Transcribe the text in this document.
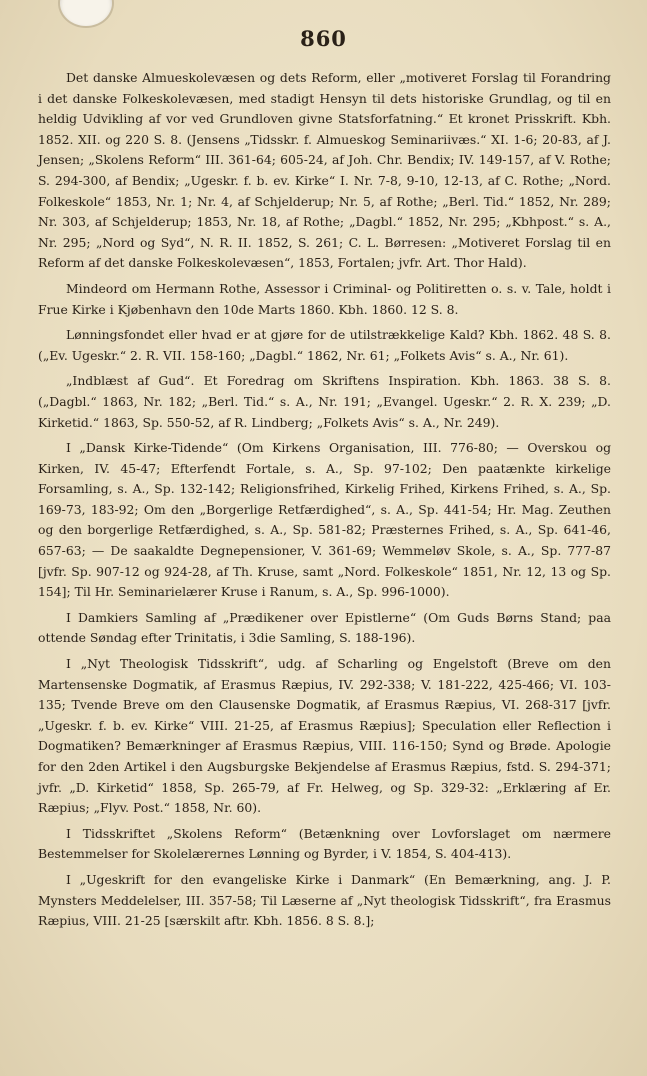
860

Det danske Almueskolevæsen og dets Reform, eller „motiveret Forslag til Forandring i det danske Folkeskolevæsen, med stadigt Hensyn til dets historiske Grundlag, og til en heldig Udvikling af vor ved Grundloven givne Statsforfatning.“ Et kronet Prisskrift. Kbh. 1852. XII. og 220 S. 8. (Jensens „Tidsskr. f. Almueskog Seminariivæs.“ XI. 1-6; 20-83, af J. Jensen; „Skolens Reform“ III. 361-64; 605-24, af Joh. Chr. Bendix; IV. 149-157, af V. Rothe; S. 294-300, af Bendix; „Ugeskr. f. b. ev. Kirke“ I. Nr. 7-8, 9-10, 12-13, af C. Rothe; „Nord. Folkeskole“ 1853, Nr. 1; Nr. 4, af Schjelderup; Nr. 5, af Rothe; „Berl. Tid.“ 1852, Nr. 289; Nr. 303, af Schjelderup; 1853, Nr. 18, af Rothe; „Dagbl.“ 1852, Nr. 295; „Kbhpost.“ s. A., Nr. 295; „Nord og Syd“, N. R. II. 1852, S. 261; C. L. Børresen: „Motiveret Forslag til en Reform af det danske Folkeskolevæsen“, 1853, Fortalen; jvfr. Art. Thor Hald).

Mindeord om Hermann Rothe, Assessor i Criminal- og Politiretten o. s. v. Tale, holdt i Frue Kirke i Kjøbenhavn den 10de Marts 1860. Kbh. 1860. 12 S. 8.

Lønningsfondet eller hvad er at gjøre for de utilstrækkelige Kald? Kbh. 1862. 48 S. 8. („Ev. Ugeskr.“ 2. R. VII. 158-160; „Dagbl.“ 1862, Nr. 61; „Folkets Avis“ s. A., Nr. 61).

„Indblæst af Gud“. Et Foredrag om Skriftens Inspiration. Kbh. 1863. 38 S. 8. („Dagbl.“ 1863, Nr. 182; „Berl. Tid.“ s. A., Nr. 191; „Evangel. Ugeskr.“ 2. R. X. 239; „D. Kirketid.“ 1863, Sp. 550-52, af R. Lindberg; „Folkets Avis“ s. A., Nr. 249).

I „Dansk Kirke-Tidende“ (Om Kirkens Organisation, III. 776-80; — Overskou og Kirken, IV. 45-47; Efterfendt Fortale, s. A., Sp. 97-102; Den paatænkte kirkelige Forsamling, s. A., Sp. 132-142; Religionsfrihed, Kirkelig Frihed, Kirkens Frihed, s. A., Sp. 169-73, 183-92; Om den „Borgerlige Retfærdighed“, s. A., Sp. 441-54; Hr. Mag. Zeuthen og den borgerlige Retfærdighed, s. A., Sp. 581-82; Præsternes Frihed, s. A., Sp. 641-46, 657-63; — De saakaldte Degnepensioner, V. 361-69; Wemmeløv Skole, s. A., Sp. 777-87 [jvfr. Sp. 907-12 og 924-28, af Th. Kruse, samt „Nord. Folkeskole“ 1851, Nr. 12, 13 og Sp. 154]; Til Hr. Seminarielærer Kruse i Ranum, s. A., Sp. 996-1000).

I Damkiers Samling af „Prædikener over Epistlerne“ (Om Guds Børns Stand; paa ottende Søndag efter Trinitatis, i 3die Samling, S. 188-196).

I „Nyt Theologisk Tidsskrift“, udg. af Scharling og Engelstoft (Breve om den Martensenske Dogmatik, af Erasmus Ræpius, IV. 292-338; V. 181-222, 425-466; VI. 103-135; Tvende Breve om den Clausenske Dogmatik, af Erasmus Ræpius, VI. 268-317 [jvfr. „Ugeskr. f. b. ev. Kirke“ VIII. 21-25, af Erasmus Ræpius]; Speculation eller Reflection i Dogmatiken? Bemærkninger af Erasmus Ræpius, VIII. 116-150; Synd og Brøde. Apologie for den 2den Artikel i den Augsburgske Bekjendelse af Erasmus Ræpius, fstd. S. 294-371; jvfr. „D. Kirketid“ 1858, Sp. 265-79, af Fr. Helweg, og Sp. 329-32: „Erklæring af Er. Ræpius; „Flyv. Post.“ 1858, Nr. 60).

I Tidsskriftet „Skolens Reform“ (Betænkning over Lovforslaget om nærmere Bestemmelser for Skolelærernes Lønning og Byrder, i V. 1854, S. 404-413).

I „Ugeskrift for den evangeliske Kirke i Danmark“ (En Bemærkning, ang. J. P. Mynsters Meddelelser, III. 357-58; Til Læserne af „Nyt theologisk Tidsskrift“, fra Erasmus Ræpius, VIII. 21-25 [særskilt aftr. Kbh. 1856. 8 S. 8.];
